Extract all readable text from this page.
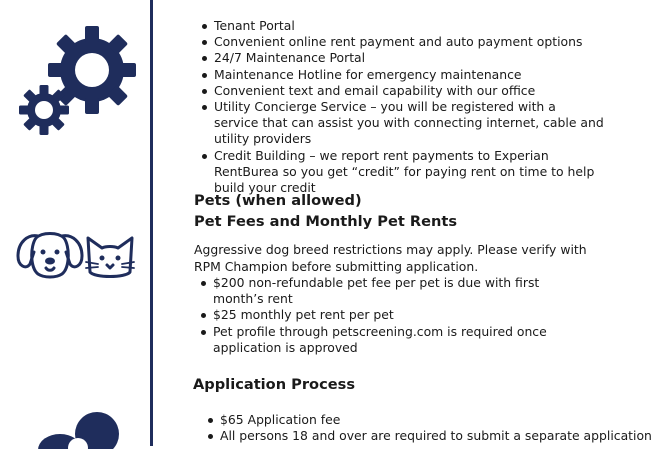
Tenant Portal
Convenient online rent payment and auto payment options
24/7 Maintenance Portal
Maintenance Hotline for emergency maintenance
Convenient text and email capability with our office
Utility Concierge Service – you will be registered with a service that can assist you with connecting internet, cable and utility providers
Credit Building – we report rent payments to Experian RentBurea so you get “credit” for paying rent on time to help build your credit
Pets (when allowed)
Pet Fees and Monthly Pet Rents
Aggressive dog breed restrictions may apply. Please verify with RPM Champion before submitting application.
$200 non-refundable pet fee per pet is due with first month’s rent
$25 monthly pet rent per pet
Pet profile through petscreening.com is required once application is approved
Application Process
$65 Application fee
All persons 18 and over are required to submit a separate application
